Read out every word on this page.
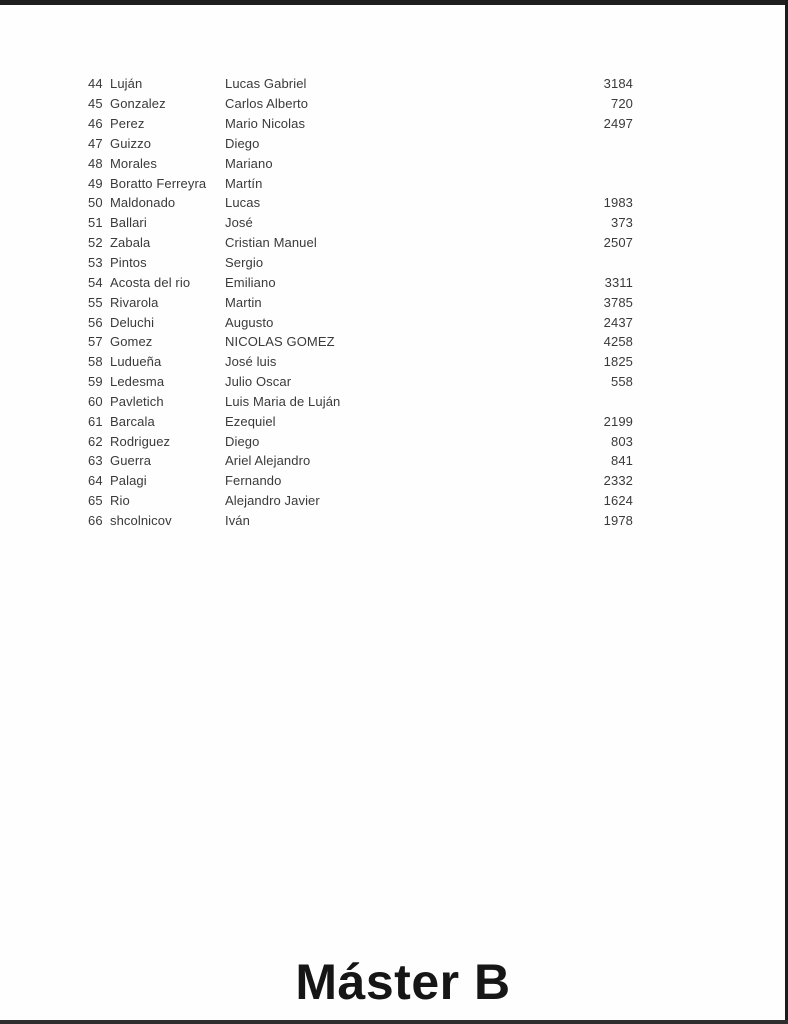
44 Luján	Lucas Gabriel	3184
45 Gonzalez	Carlos Alberto	720
46 Perez	Mario Nicolas	2497
47 Guizzo	Diego
48 Morales	Mariano
49 Boratto Ferreyra	Martín
50 Maldonado	Lucas	1983
51 Ballari	José	373
52 Zabala	Cristian Manuel	2507
53 Pintos	Sergio
54 Acosta del rio	Emiliano	3311
55 Rivarola	Martin	3785
56 Deluchi	Augusto	2437
57 Gomez	NICOLAS GOMEZ	4258
58 Ludueña	José luis	1825
59 Ledesma	Julio Oscar	558
60 Pavletich	Luis Maria de Luján
61 Barcala	Ezequiel	2199
62 Rodriguez	Diego	803
63 Guerra	Ariel Alejandro	841
64 Palagi	Fernando	2332
65 Rio	Alejandro Javier	1624
66 shcolnicov	Iván	1978
Máster B
